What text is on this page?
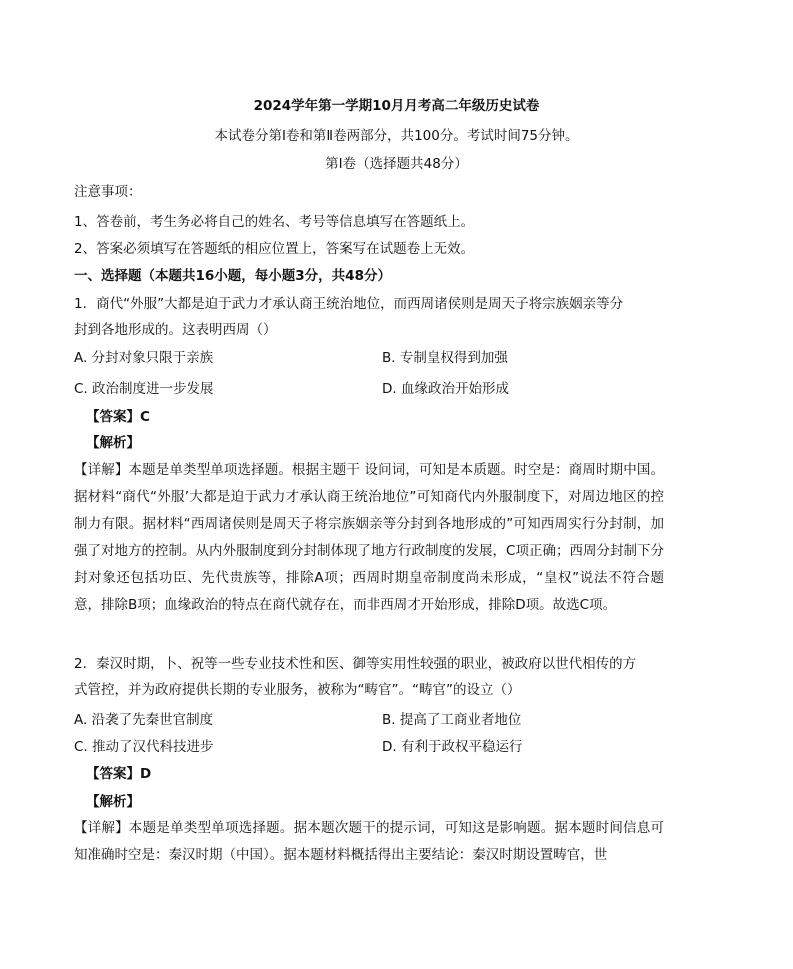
2024学年第一学期10月月考高二年级历史试卷
本试卷分第Ⅰ卷和第Ⅱ卷两部分，共100分。考试时间75分钟。
第Ⅰ卷（选择题共48分）
注意事项：
1、答卷前，考生务必将自己的姓名、考号等信息填写在答题纸上。
2、答案必须填写在答题纸的相应位置上，答案写在试题卷上无效。
一、选择题（本题共16小题，每小题3分，共48分）
1．商代“外服”大都是迫于武力才承认商王统治地位，而西周诸侯则是周天子将宗族姻亲等分
封到各地形成的。这表明西周（）
A. 分封对象只限于亲族	B. 专制皇权得到加强
C. 政治制度进一步发展	D. 血缘政治开始形成
【答案】C
【解析】
【详解】本题是单类型单项选择题。根据主题干 设问词，可知是本质题。时空是：商周时期中国。据材料“商代“外服’大都是迫于武力才承认商王统治地位”可知商代内外服制度下，对周边地区的控制力有限。据材料“西周诸侯则是周天子将宗族姻亲等分封到各地形成的”可知西周实行分封制，加强了对地方的控制。从内外服制度到分封制体现了地方行政制度的发展，C项正确；西周分封制下分封对象还包括功臣、先代贵族等，排除A项；西周时期皇帝制度尚未形成，“皇权”说法不符合题意，排除B项；血缘政治的特点在商代就存在，而非西周才开始形成，排除D项。故选C项。
2．秦汉时期，卜、祝等一些专业技术性和医、御等实用性较强的职业，被政府以世代相传的方
式管控，并为政府提供长期的专业服务，被称为“畴官”。“畴官”的设立（）
A. 沿袭了先秦世官制度	B. 提高了工商业者地位
C. 推动了汉代科技进步	D. 有利于政权平稳运行
【答案】D
【解析】
【详解】本题是单类型单项选择题。据本题次题干的提示词，可知这是影响题。据本题时间信息可知准确时空是：秦汉时期（中国）。据本题材料概括得出主要结论：秦汉时期设置畴官，世
